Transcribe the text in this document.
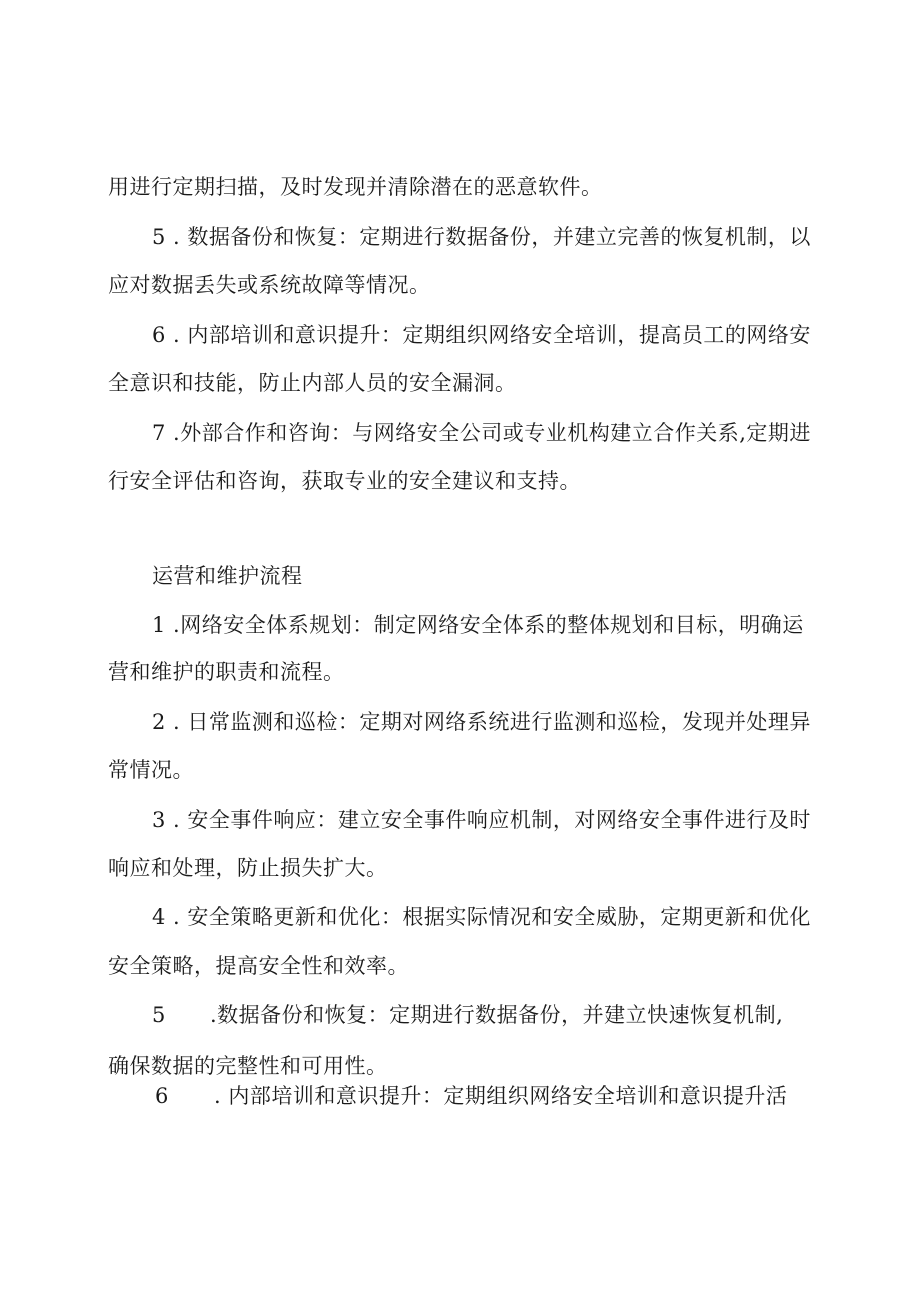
用进行定期扫描，及时发现并清除潜在的恶意软件。
5 . 数据备份和恢复：定期进行数据备份，并建立完善的恢复机制，以
应对数据丢失或系统故障等情况。
6 . 内部培训和意识提升：定期组织网络安全培训，提高员工的网络安
全意识和技能，防止内部人员的安全漏洞。
7 .外部合作和咨询：与网络安全公司或专业机构建立合作关系,定期进
行安全评估和咨询，获取专业的安全建议和支持。
运营和维护流程
1 .网络安全体系规划：制定网络安全体系的整体规划和目标，明确运
营和维护的职责和流程。
2 . 日常监测和巡检：定期对网络系统进行监测和巡检，发现并处理异
常情况。
3 . 安全事件响应：建立安全事件响应机制，对网络安全事件进行及时
响应和处理，防止损失扩大。
4 . 安全策略更新和优化：根据实际情况和安全威胁，定期更新和优化
安全策略，提高安全性和效率。
5 .数据备份和恢复：定期进行数据备份，并建立快速恢复机制,
确保数据的完整性和可用性。
6 . 内部培训和意识提升：定期组织网络安全培训和意识提升活
